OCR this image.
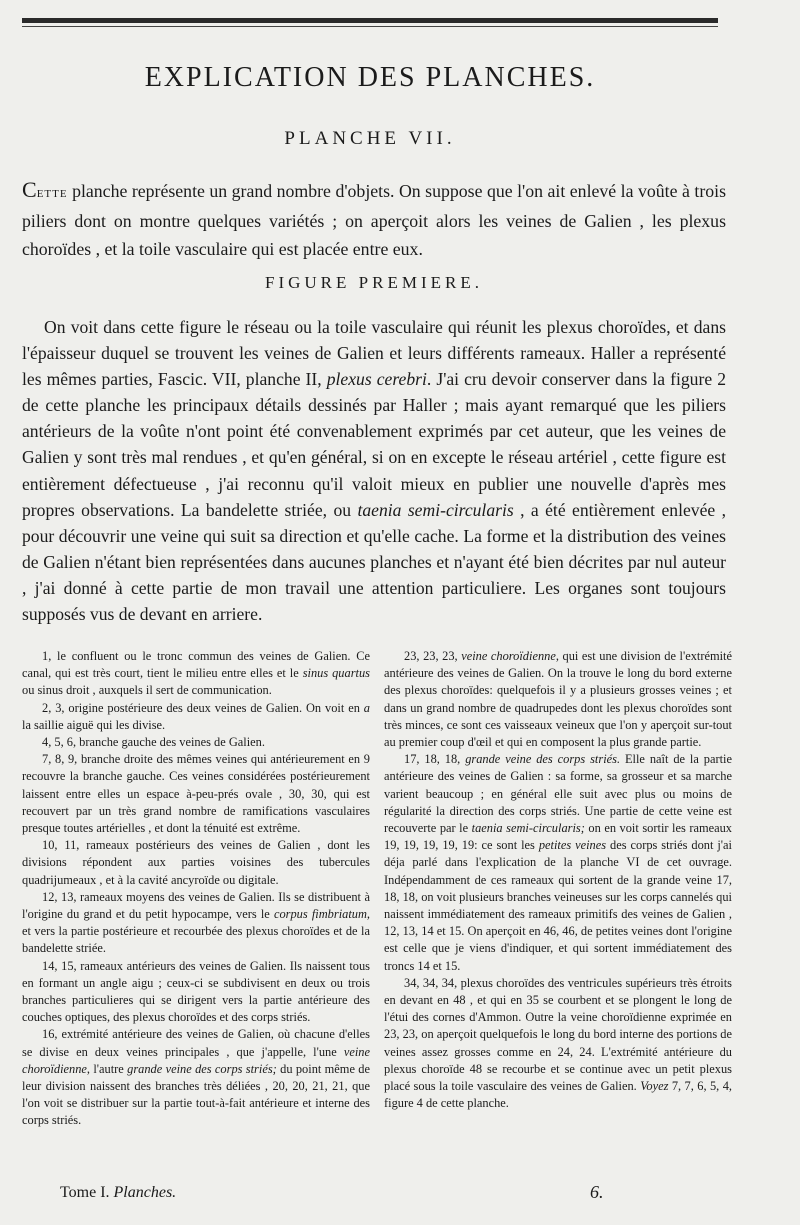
EXPLICATION DES PLANCHES.
PLANCHE VII.

Cette planche représente un grand nombre d'objets. On suppose que l'on ait enlevé la voûte à trois piliers dont on montre quelques variétés ; on aperçoit alors les veines de Galien , les plexus choroïdes , et la toile vasculaire qui est placée entre eux.

FIGURE PREMIERE.

On voit dans cette figure le réseau ou la toile vasculaire qui réunit les plexus choroïdes, et dans l'épaisseur duquel se trouvent les veines de Galien et leurs différents rameaux. Haller a représenté les mêmes parties, Fascic. VII, planche II, plexus cerebri. J'ai cru devoir conserver dans la figure 2 de cette planche les principaux détails dessinés par Haller ; mais ayant remarqué que les piliers antérieurs de la voûte n'ont point été convenablement exprimés par cet auteur, que les veines de Galien y sont très mal rendues , et qu'en général, si on en excepte le réseau artériel , cette figure est entièrement défectueuse , j'ai reconnu qu'il valoit mieux en publier une nouvelle d'après mes propres observations. La bandelette striée, ou taenia semi-circularis , a été entièrement enlevée , pour découvrir une veine qui suit sa direction et qu'elle cache. La forme et la distribution des veines de Galien n'étant bien représentées dans aucunes planches et n'ayant été bien décrites par nul auteur , j'ai donné à cette partie de mon travail une attention particuliere. Les organes sont toujours supposés vus de devant en arriere.

1, le confluent ou le tronc commun des veines de Galien. Ce canal, qui est très court, tient le milieu entre elles et le sinus quartus ou sinus droit , auxquels il sert de communication.

2, 3, origine postérieure des deux veines de Galien. On voit en a la saillie aiguë qui les divise.

4, 5, 6, branche gauche des veines de Galien.

7, 8, 9, branche droite des mêmes veines qui antérieurement en 9 recouvre la branche gauche. Ces veines considérées postérieurement laissent entre elles un espace à-peu-prés ovale , 30, 30, qui est recouvert par un très grand nombre de ramifications vasculaires presque toutes artérielles , et dont la ténuité est extrême.

10, 11, rameaux postérieurs des veines de Galien , dont les divisions répondent aux parties voisines des tubercules quadrijumeaux , et à la cavité ancyroïde ou digitale.

12, 13, rameaux moyens des veines de Galien. Ils se distribuent à l'origine du grand et du petit hypocampe, vers le corpus fimbriatum, et vers la partie postérieure et recourbée des plexus choroïdes et de la bandelette striée.

14, 15, rameaux antérieurs des veines de Galien. Ils naissent tous en formant un angle aigu ; ceux-ci se subdivisent en deux ou trois branches particulieres qui se dirigent vers la partie antérieure des couches optiques, des plexus choroïdes et des corps striés.

16, extrémité antérieure des veines de Galien, où chacune d'elles se divise en deux veines principales , que j'appelle, l'une veine choroïdienne, l'autre grande veine des corps striés; du point même de leur division naissent des branches très déliées , 20, 20, 21, 21, que l'on voit se distribuer sur la partie tout-à-fait antérieure et interne des corps striés.

23, 23, 23, veine choroïdienne, qui est une division de l'extrémité antérieure des veines de Galien. On la trouve le long du bord externe des plexus choroïdes: quelquefois il y a plusieurs grosses veines ; et dans un grand nombre de quadrupedes dont les plexus choroïdes sont très minces, ce sont ces vaisseaux veineux que l'on y aperçoit sur-tout au premier coup d'œil et qui en composent la plus grande partie.

17, 18, 18, grande veine des corps striés. Elle naît de la partie antérieure des veines de Galien : sa forme, sa grosseur et sa marche varient beaucoup ; en général elle suit avec plus ou moins de régularité la direction des corps striés. Une partie de cette veine est recouverte par le taenia semi-circularis; on en voit sortir les rameaux 19, 19, 19, 19, 19: ce sont les petites veines des corps striés dont j'ai déja parlé dans l'explication de la planche VI de cet ouvrage. Indépendamment de ces rameaux qui sortent de la grande veine 17, 18, 18, on voit plusieurs branches veineuses sur les corps cannelés qui naissent immédiatement des rameaux primitifs des veines de Galien , 12, 13, 14 et 15. On aperçoit en 46, 46, de petites veines dont l'origine est celle que je viens d'indiquer, et qui sortent immédiatement des troncs 14 et 15.

34, 34, 34, plexus choroïdes des ventricules supérieurs très étroits en devant en 48 , et qui en 35 se courbent et se plongent le long de l'étui des cornes d'Ammon. Outre la veine choroïdienne exprimée en 23, 23, on aperçoit quelquefois le long du bord interne des portions de veines assez grosses comme en 24, 24. L'extrémité antérieure du plexus choroïde 48 se recourbe et se continue avec un petit plexus placé sous la toile vasculaire des veines de Galien. Voyez 7, 7, 6, 5, 4, figure 4 de cette planche.

Tome I. Planches.	6.
